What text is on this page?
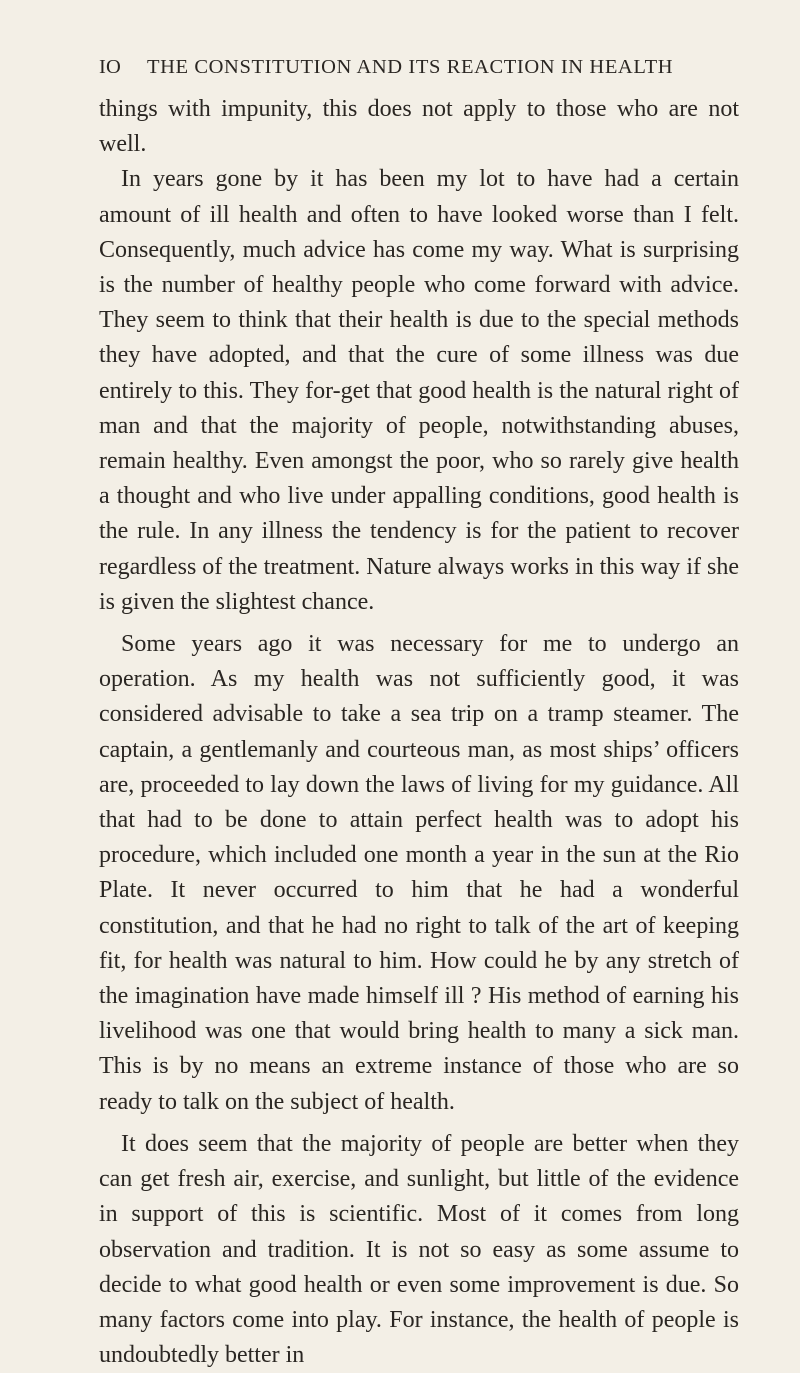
IO	THE CONSTITUTION AND ITS REACTION IN HEALTH

things with impunity, this does not apply to those who are not well.

In years gone by it has been my lot to have had a certain amount of ill health and often to have looked worse than I felt. Consequently, much advice has come my way. What is surprising is the number of healthy people who come forward with advice. They seem to think that their health is due to the special methods they have adopted, and that the cure of some illness was due entirely to this. They for-get that good health is the natural right of man and that the majority of people, notwithstanding abuses, remain healthy. Even amongst the poor, who so rarely give health a thought and who live under appalling conditions, good health is the rule. In any illness the tendency is for the patient to recover regardless of the treatment. Nature always works in this way if she is given the slightest chance.

Some years ago it was necessary for me to undergo an operation. As my health was not sufficiently good, it was considered advisable to take a sea trip on a tramp steamer. The captain, a gentlemanly and courteous man, as most ships’ officers are, proceeded to lay down the laws of living for my guidance. All that had to be done to attain perfect health was to adopt his procedure, which included one month a year in the sun at the Rio Plate. It never occurred to him that he had a wonderful constitution, and that he had no right to talk of the art of keeping fit, for health was natural to him. How could he by any stretch of the imagination have made himself ill ? His method of earning his livelihood was one that would bring health to many a sick man. This is by no means an extreme instance of those who are so ready to talk on the subject of health.

It does seem that the majority of people are better when they can get fresh air, exercise, and sunlight, but little of the evidence in support of this is scientific. Most of it comes from long observation and tradition. It is not so easy as some assume to decide to what good health or even some improvement is due. So many factors come into play. For instance, the health of people is undoubtedly better in
